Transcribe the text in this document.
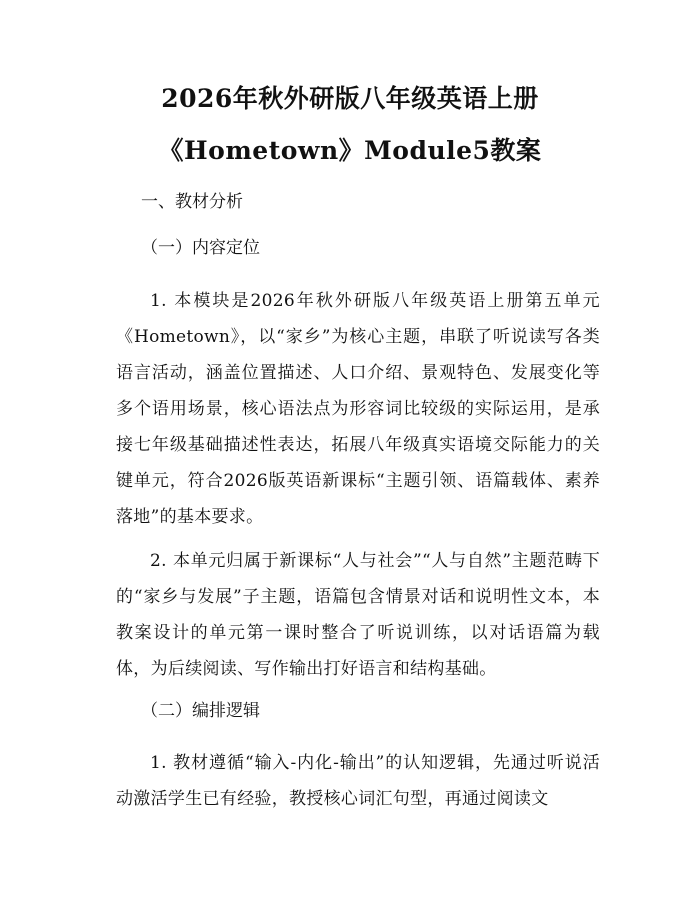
2026年秋外研版八年级英语上册
《Hometown》Module5教案
一、教材分析
（一）内容定位
1. 本模块是2026年秋外研版八年级英语上册第五单元《Hometown》，以“家乡”为核心主题，串联了听说读写各类语言活动，涵盖位置描述、人口介绍、景观特色、发展变化等多个语用场景，核心语法点为形容词比较级的实际运用，是承接七年级基础描述性表达，拓展八年级真实语境交际能力的关键单元，符合2026版英语新课标“主题引领、语篇载体、素养落地”的基本要求。
2. 本单元归属于新课标“人与社会”“人与自然”主题范畴下的“家乡与发展”子主题，语篇包含情景对话和说明性文本，本教案设计的单元第一课时整合了听说训练，以对话语篇为载体，为后续阅读、写作输出打好语言和结构基础。
（二）编排逻辑
1. 教材遵循“输入-内化-输出”的认知逻辑，先通过听说活动激活学生已有经验，教授核心词汇句型，再通过阅读文
